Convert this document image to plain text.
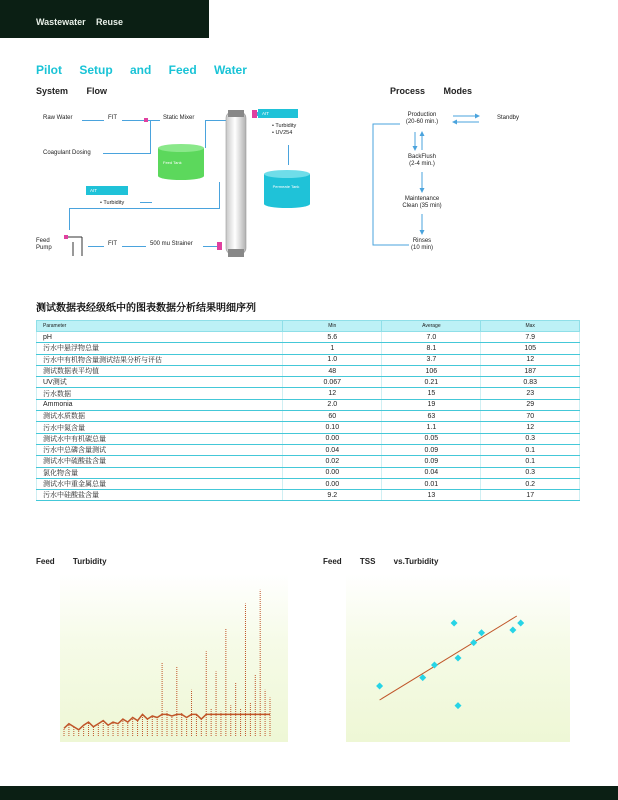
Wastewater Reuse
Pilot Setup and Feed Water
System Flow
Raw Water	FIT	Static Mixer
Coagulant Dosing
Feed Tank
AIT
• Turbidity
• UV254
Permeate Tank
AIT
• Turbidity
Feed
Pump
FIT	500 mu Strainer
Process Modes
Production
(20-60 min.)
Standby
BackFlush
(2-4 min.)
Maintenance
Clean (35 min)
Rinses
(10 min)
测试数据表经级纸中的图表数据分析结果明细序列
Parameter	Min	Average	Max
pH	5.6	7.0	7.9
污水中悬浮物总量	1	8.1	105
污水中有机物含量测试结果分析与评估	1.0	3.7	12
测试数据表平均值	48	106	187
UV测试	0.067	0.21	0.83
污水数据	12	15	23
Ammonia	2.0	19	29
测试水质数据	60	63	70
污水中氮含量	0.10	1.1	12
测试水中有机碳总量	0.00	0.05	0.3
污水中总磷含量测试	0.04	0.09	0.1
测试水中硫酸盐含量	0.02	0.09	0.1
氯化物含量	0.00	0.04	0.3
测试水中重金属总量	0.00	0.01	0.2
污水中硅酸盐含量	9.2	13	17
Feed Turbidity	Feed TSS vs.Turbidity
